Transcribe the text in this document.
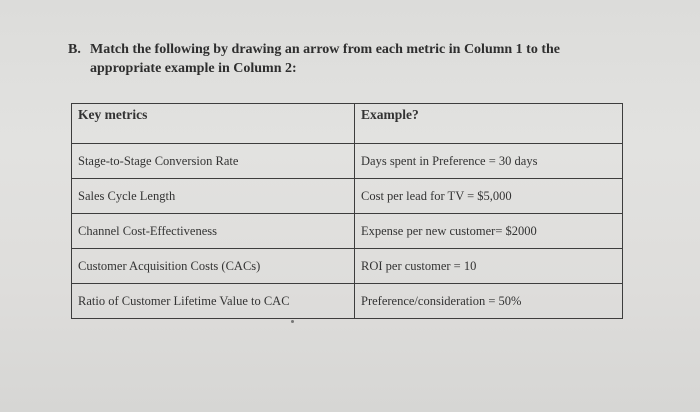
B. Match the following by drawing an arrow from each metric in Column 1 to the
appropriate example in Column 2:
Key metrics	Example?
Stage-to-Stage Conversion Rate	Days spent in Preference = 30 days
Sales Cycle Length	Cost per lead for TV = $5,000
Channel Cost-Effectiveness	Expense per new customer= $2000
Customer Acquisition Costs (CACs)	ROI per customer = 10
Ratio of Customer Lifetime Value to CAC	Preference/consideration = 50%
